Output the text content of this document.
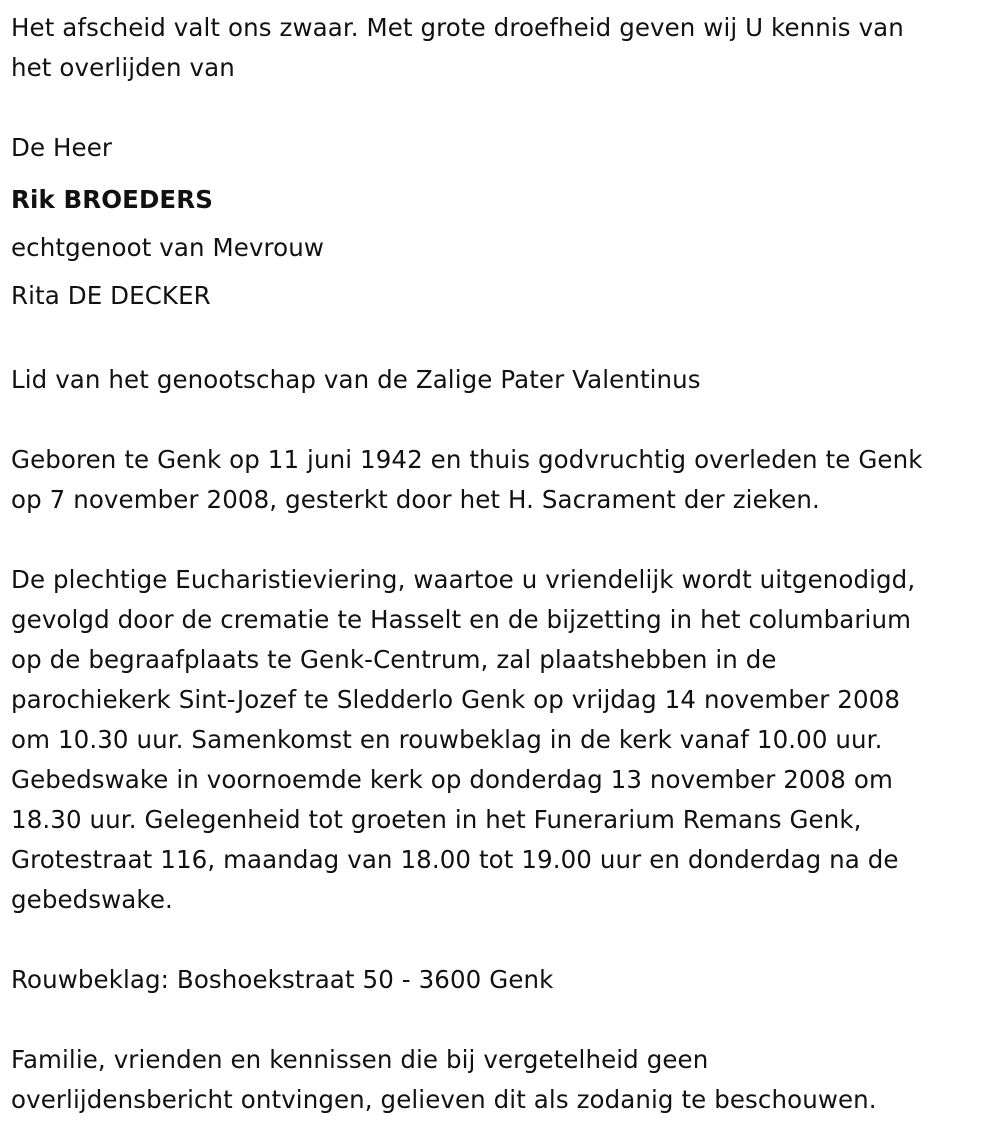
Het afscheid valt ons zwaar. Met grote droefheid geven wij U kennis van
het overlijden van

De Heer
Rik BROEDERS
echtgenoot van Mevrouw
Rita DE DECKER

Lid van het genootschap van de Zalige Pater Valentinus

Geboren te Genk op 11 juni 1942 en thuis godvruchtig overleden te Genk
op 7 november 2008, gesterkt door het H. Sacrament der zieken.

De plechtige Eucharistieviering, waartoe u vriendelijk wordt uitgenodigd,
gevolgd door de crematie te Hasselt en de bijzetting in het columbarium
op de begraafplaats te Genk-Centrum, zal plaatshebben in de
parochiekerk Sint-Jozef te Sledderlo Genk op vrijdag 14 november 2008
om 10.30 uur. Samenkomst en rouwbeklag in de kerk vanaf 10.00 uur.
Gebedswake in voornoemde kerk op donderdag 13 november 2008 om
18.30 uur. Gelegenheid tot groeten in het Funerarium Remans Genk,
Grotestraat 116, maandag van 18.00 tot 19.00 uur en donderdag na de
gebedswake.

Rouwbeklag: Boshoekstraat 50 - 3600 Genk

Familie, vrienden en kennissen die bij vergetelheid geen
overlijdensbericht ontvingen, gelieven dit als zodanig te beschouwen.
